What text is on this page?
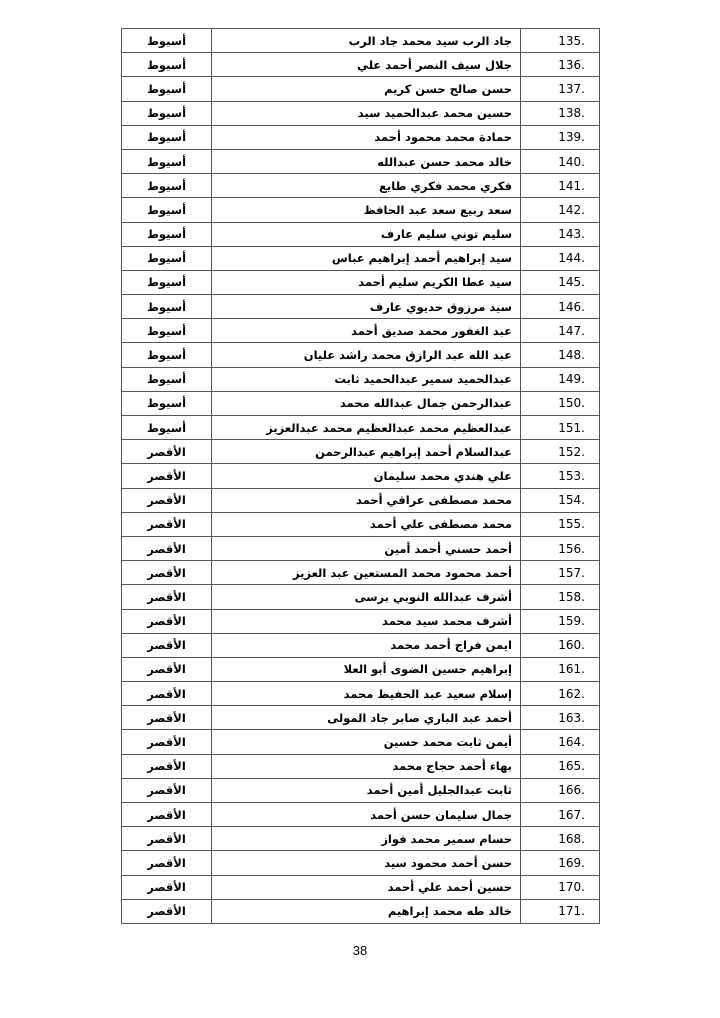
.135	جاد الرب سيد محمد جاد الرب	أسيوط
.136	جلال سيف النصر أحمد علي	أسيوط
.137	حسن صالح حسن كريم	أسيوط
.138	حسين محمد عبدالحميد سيد	أسيوط
.139	حمادة محمد محمود أحمد	أسيوط
.140	خالد محمد حسن عبدالله	أسيوط
.141	فكري محمد فكري طايع	أسيوط
.142	سعد ربيع سعد عبد الحافظ	أسيوط
.143	سليم توني سليم عارف	أسيوط
.144	سيد إبراهيم أحمد إبراهيم عباس	أسيوط
.145	سيد عطا الكريم سليم أحمد	أسيوط
.146	سيد مرزوق حديوي عارف	أسيوط
.147	عبد الغفور محمد صديق أحمد	أسيوط
.148	عبد الله عبد الرازق محمد راشد عليان	أسيوط
.149	عبدالحميد سمير عبدالحميد ثابت	أسيوط
.150	عبدالرحمن جمال عبدالله محمد	أسيوط
.151	عبدالعظيم محمد عبدالعظيم محمد عبدالعزيز	أسيوط
.152	عبدالسلام أحمد إبراهيم عبدالرحمن	الأقصر
.153	علي هندي محمد سليمان	الأقصر
.154	محمد مصطفى عراقي أحمد	الأقصر
.155	محمد مصطفى علي أحمد	الأقصر
.156	أحمد حسني أحمد أمين	الأقصر
.157	أحمد محمود محمد المستعين عبد العزيز	الأقصر
.158	أشرف عبدالله النوبي برسى	الأقصر
.159	أشرف محمد سيد محمد	الأقصر
.160	ايمن فراج أحمد محمد	الأقصر
.161	إبراهيم حسين الضوى أبو العلا	الأقصر
.162	إسلام سعيد عبد الحفيظ محمد	الأقصر
.163	أحمد عبد الباري صابر جاد المولى	الأقصر
.164	أيمن ثابت محمد حسين	الأقصر
.165	بهاء أحمد حجاج محمد	الأقصر
.166	ثابت عبدالجليل أمين أحمد	الأقصر
.167	جمال سليمان حسن أحمد	الأقصر
.168	حسام سمير محمد فواز	الأقصر
.169	حسن أحمد محمود سيد	الأقصر
.170	حسين أحمد علي أحمد	الأقصر
.171	خالد طه محمد إبراهيم	الأقصر
38
